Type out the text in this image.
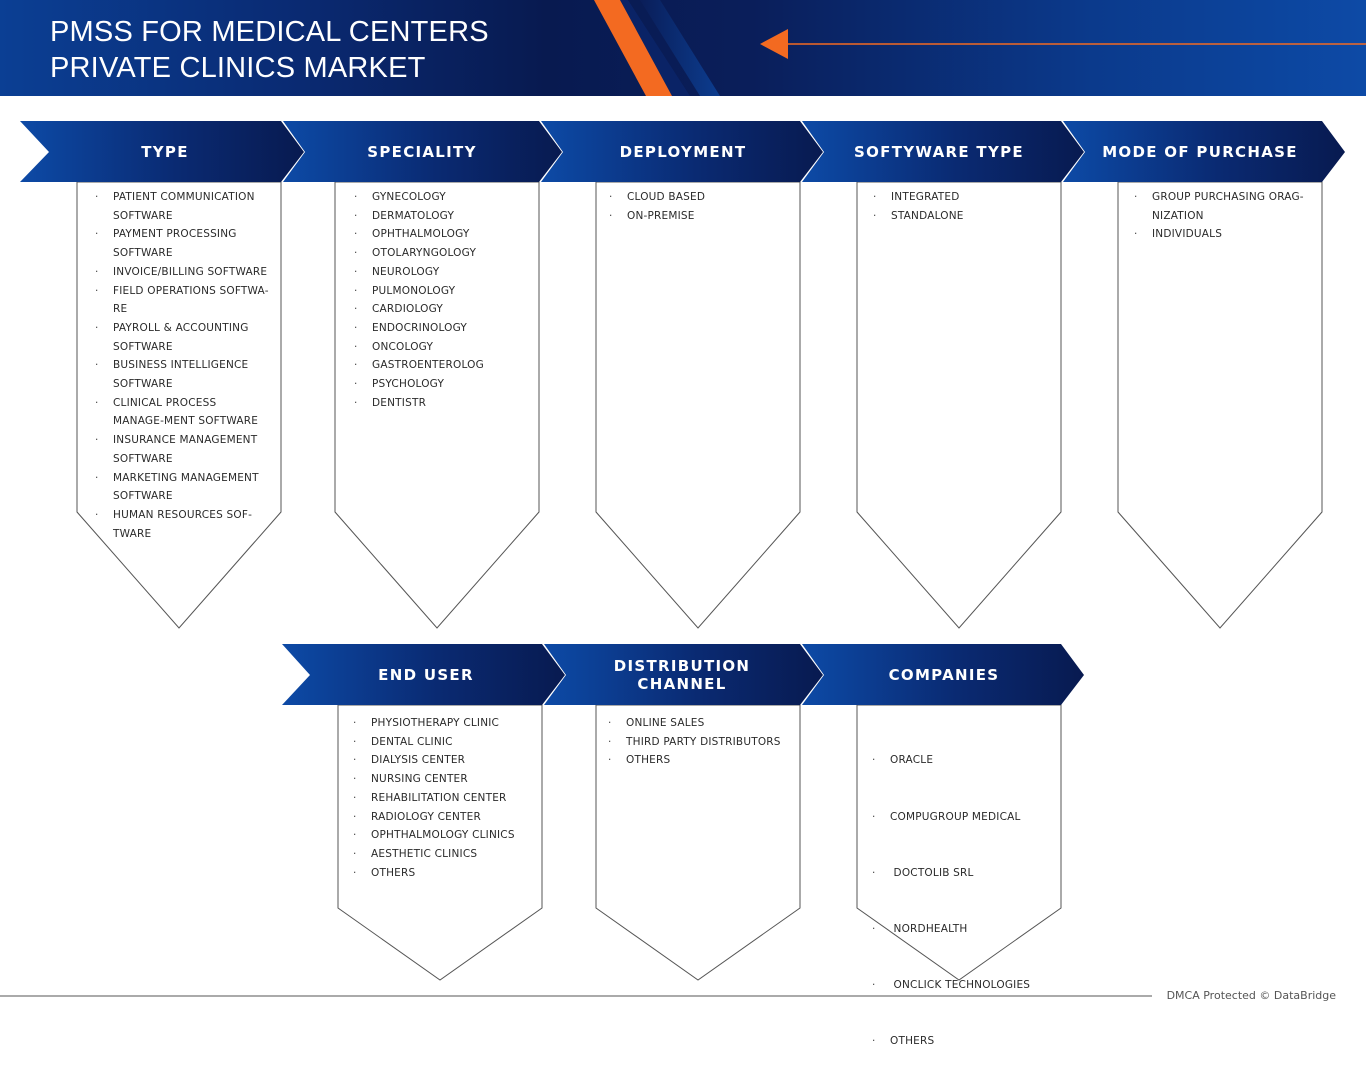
PMSS FOR MEDICAL CENTERS PRIVATE CLINICS MARKET
TYPE	SPECIALITY	DEPLOYMENT	SOFTYWARE TYPE	MODE OF PURCHASE
END USER	DISTRIBUTION CHANNEL	COMPANIES
· PATIENT COMMUNICATION SOFTWARE
· PAYMENT PROCESSING SOFTWARE
· INVOICE/BILLING SOFTWARE
· FIELD OPERATIONS SOFTWA-RE
· PAYROLL & ACCOUNTING SOFTWARE
· BUSINESS INTELLIGENCE SOFTWARE
· CLINICAL PROCESS MANAGE-MENT SOFTWARE
· INSURANCE MANAGEMENT SOFTWARE
· MARKETING MANAGEMENT SOFTWARE
· HUMAN RESOURCES SOF-TWARE
· GYNECOLOGY
· DERMATOLOGY
· OPHTHALMOLOGY
· OTOLARYNGOLOGY
· NEUROLOGY
· PULMONOLOGY
· CARDIOLOGY
· ENDOCRINOLOGY
· ONCOLOGY
· GASTROENTEROLOG
· PSYCHOLOGY
· DENTISTR
· CLOUD BASED
· ON-PREMISE
· INTEGRATED
· STANDALONE
· GROUP PURCHASING ORAG-NIZATION
· INDIVIDUALS
· PHYSIOTHERAPY CLINIC
· DENTAL CLINIC
· DIALYSIS CENTER
· NURSING CENTER
· REHABILITATION CENTER
· RADIOLOGY CENTER
· OPHTHALMOLOGY CLINICS
· AESTHETIC CLINICS
· OTHERS
· ONLINE SALES
· THIRD PARTY DISTRIBUTORS
· OTHERS

·	ORACLE

· COMPUGROUP MEDICAL

·  DOCTOLIB SRL

·  NORDHEALTH

·  ONCLICK TECHNOLOGIES

· OTHERS

DMCA Protected © DataBridge
